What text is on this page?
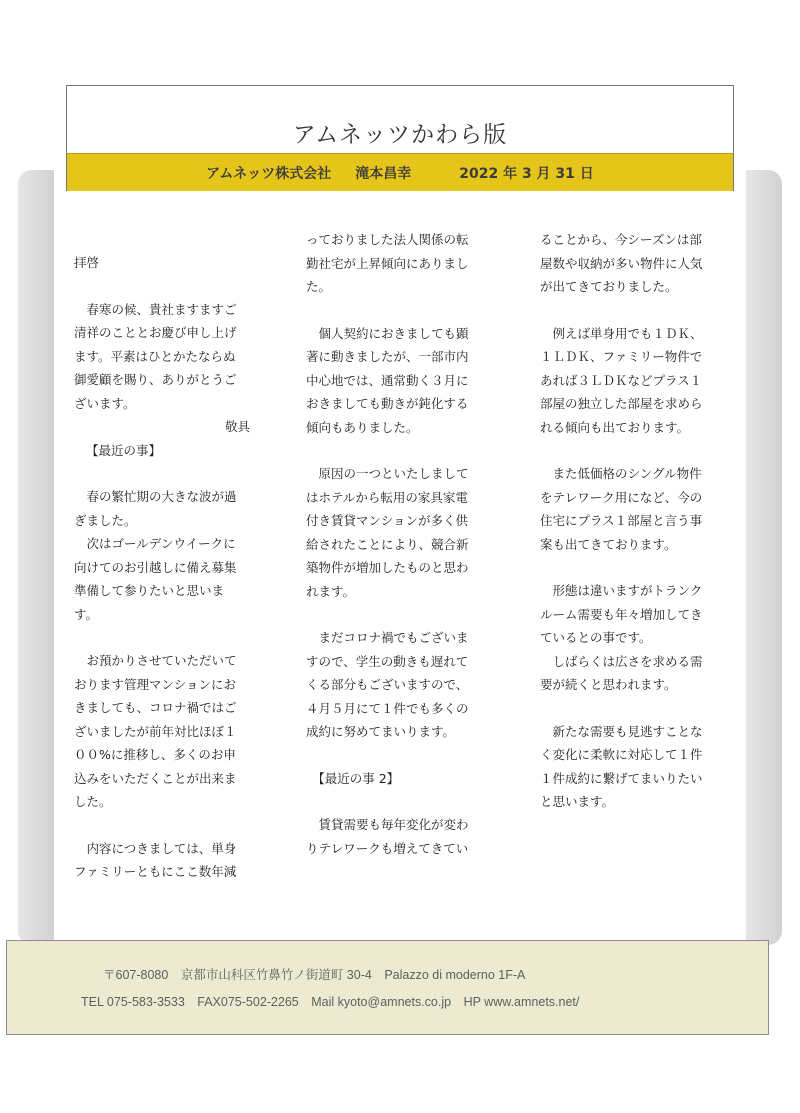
アムネッツかわら版
アムネッツ株式会社 滝本昌幸	2022 年 3 月 31 日

拝啓

　春寒の候、貴社ますますご
清祥のこととお慶び申し上げ
ます。平素はひとかたならぬ
御愛顧を賜り、ありがとうご
ざいます。

敬具

【最近の事】

　春の繁忙期の大きな波が過
ぎました。
　次はゴールデンウイークに
向けてのお引越しに備え募集
準備して参りたいと思いま
す。

　お預かりさせていただいて
おります管理マンションにお
きましても、コロナ禍ではご
ざいましたが前年対比ほぼ１
００%に推移し、多くのお申
込みをいただくことが出来ま
した。

　内容につきましては、単身
ファミリーともにここ数年減

っておりました法人関係の転
勤社宅が上昇傾向にありまし
た。

　個人契約におきましても顕
著に動きましたが、一部市内
中心地では、通常動く３月に
おきましても動きが鈍化する
傾向もありました。

　原因の一つといたしまして
はホテルから転用の家具家電
付き賃貸マンションが多く供
給されたことにより、競合新
築物件が増加したものと思わ
れます。

　まだコロナ禍でもございま
すので、学生の動きも遅れて
くる部分もございますので、
４月５月にて１件でも多くの
成約に努めてまいります。

　【最近の事 2】

　賃貸需要も毎年変化が変わ
りテレワークも増えてきてい

ることから、今シーズンは部
屋数や収納が多い物件に人気
が出てきておりました。

　例えば単身用でも１ＤＫ、
１ＬＤＫ、ファミリー物件で
あれば３ＬＤＫなどプラス１
部屋の独立した部屋を求めら
れる傾向も出ております。

　また低価格のシングル物件
をテレワーク用になど、今の
住宅にプラス１部屋と言う事
案も出てきております。

　形態は違いますがトランク
ルーム需要も年々増加してき
ているとの事です。
　しばらくは広さを求める需
要が続くと思われます。

　新たな需要も見逃すことな
く変化に柔軟に対応して１件
１件成約に繋げてまいりたい
と思います。

〒607-8080　京都市山科区竹鼻竹ノ街道町 30-4　Palazzo di moderno 1F-A
TEL 075-583-3533　FAX075-502-2265　Mail kyoto@amnets.co.jp　HP www.amnets.net/
